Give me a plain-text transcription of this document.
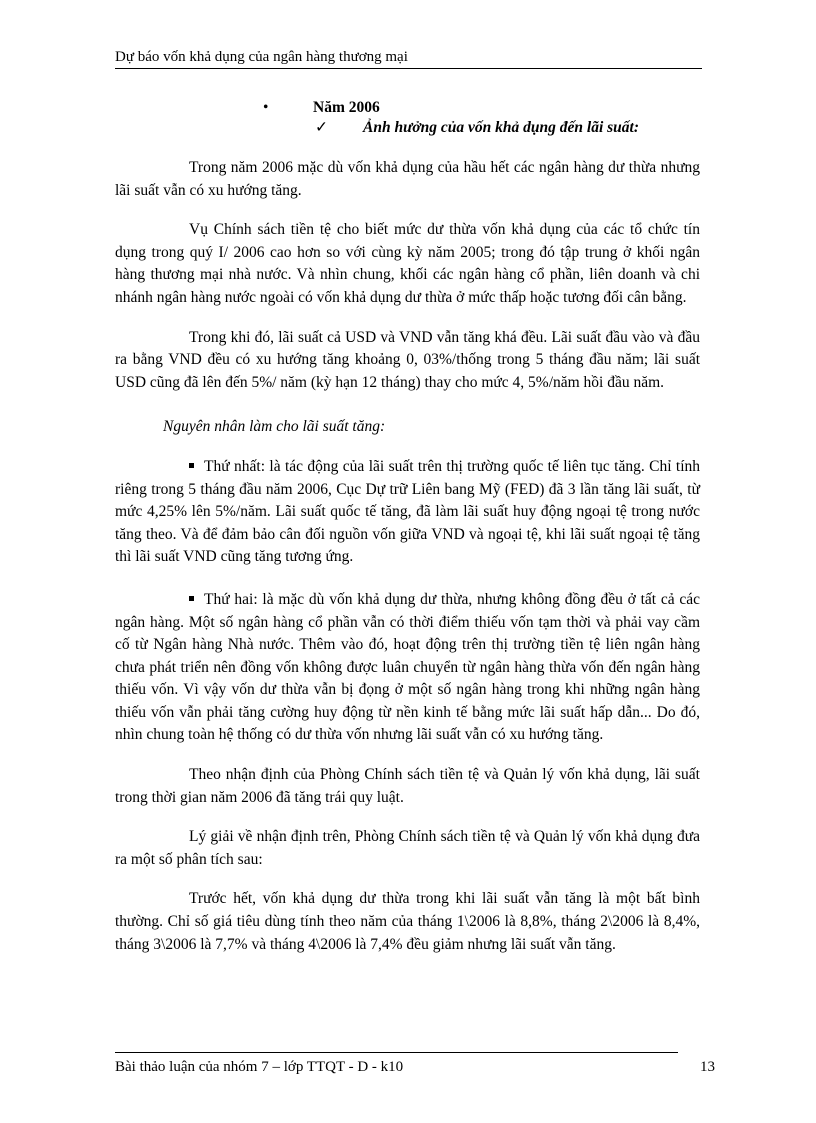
Dự báo vốn khả dụng của ngân hàng thương mại
•	Năm 2006
✓ Ảnh hưởng của vốn khả dụng đến lãi suất:

Trong năm 2006 mặc dù vốn khả dụng của hầu hết các ngân hàng dư thừa nhưng lãi suất vẫn có xu hướng tăng.

Vụ Chính sách tiền tệ cho biết mức dư thừa vốn khả dụng của các tổ chức tín dụng trong quý I/ 2006 cao hơn so với cùng kỳ năm 2005; trong đó tập trung ở khối ngân hàng thương mại nhà nước. Và nhìn chung, khối các ngân hàng cổ phần, liên doanh và chi nhánh ngân hàng nước ngoài có vốn khả dụng dư thừa ở mức thấp hoặc tương đối cân bằng.

Trong khi đó, lãi suất cả USD và VND vẫn tăng khá đều. Lãi suất đầu vào và đầu ra bằng VND đều có xu hướng tăng khoảng 0, 03%/thống trong 5 tháng đầu năm; lãi suất USD cũng đã lên đến 5%/ năm (kỳ hạn 12 tháng) thay cho mức 4, 5%/năm hồi đầu năm.

Nguyên nhân làm cho lãi suất tăng:

Thứ nhất: là tác động của lãi suất trên thị trường quốc tế liên tục tăng. Chỉ tính riêng trong 5 tháng đầu năm 2006, Cục Dự trữ Liên bang Mỹ (FED) đã 3 lần tăng lãi suất, từ mức 4,25% lên 5%/năm. Lãi suất quốc tế tăng, đã làm lãi suất huy động ngoại tệ trong nước tăng theo. Và để đảm bảo cân đối nguồn vốn giữa VND và ngoại tệ, khi lãi suất ngoại tệ tăng thì lãi suất VND cũng tăng tương ứng.

Thứ hai: là mặc dù vốn khả dụng dư thừa, nhưng không đồng đều ở tất cả các ngân hàng. Một số ngân hàng cổ phần vẫn có thời điểm thiếu vốn tạm thời và phải vay cầm cố từ Ngân hàng Nhà nước. Thêm vào đó, hoạt động trên thị trường tiền tệ liên ngân hàng chưa phát triển nên đồng vốn không được luân chuyển từ ngân hàng thừa vốn đến ngân hàng thiếu vốn. Vì vậy vốn dư thừa vẫn bị đọng ở một số ngân hàng trong khi những ngân hàng thiếu vốn vẫn phải tăng cường huy động từ nền kinh tế bằng mức lãi suất hấp dẫn... Do đó, nhìn chung toàn hệ thống có dư thừa vốn nhưng lãi suất vẫn có xu hướng tăng.

Theo nhận định của Phòng Chính sách tiền tệ và Quản lý vốn khả dụng, lãi suất trong thời gian năm 2006 đã tăng trái quy luật.

Lý giải về nhận định trên, Phòng Chính sách tiền tệ và Quản lý vốn khả dụng đưa ra một số phân tích sau:

Trước hết, vốn khả dụng dư thừa trong khi lãi suất vẫn tăng là một bất bình thường. Chỉ số giá tiêu dùng tính theo năm của tháng 1\2006 là 8,8%, tháng 2\2006 là 8,4%, tháng 3\2006 là 7,7% và tháng 4\2006 là 7,4% đều giảm nhưng lãi suất vẫn tăng.

Bài thảo luận của nhóm 7 – lớp TTQT - D - k10	13
